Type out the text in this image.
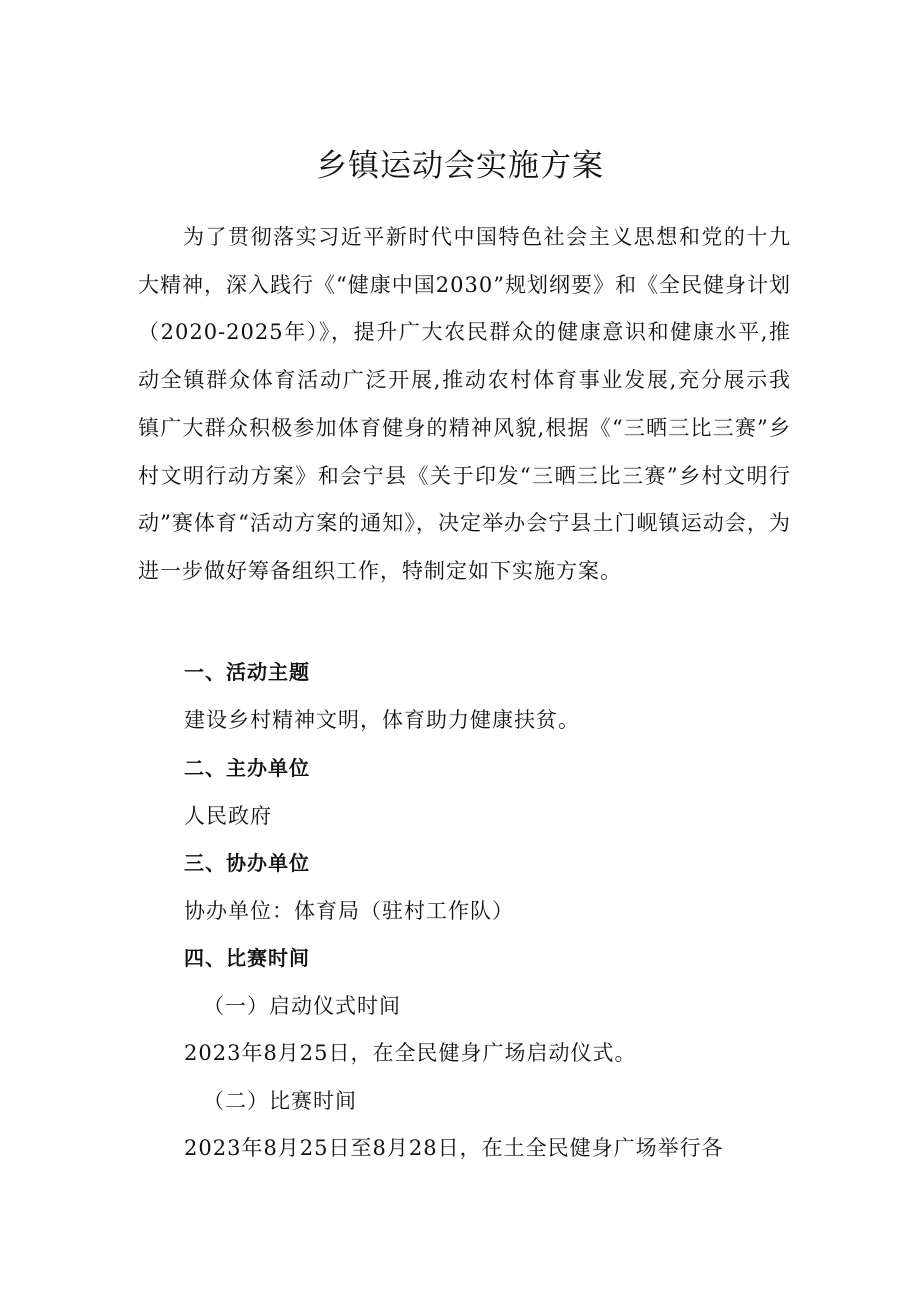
乡镇运动会实施方案

为了贯彻落实习近平新时代中国特色社会主义思想和党的十九大精神，深入践行《“健康中国2030”规划纲要》和《全民健身计划（2020-2025年）》，提升广大农民群众的健康意识和健康水平,推动全镇群众体育活动广泛开展,推动农村体育事业发展,充分展示我镇广大群众积极参加体育健身的精神风貌,根据《“三晒三比三赛”乡村文明行动方案》和会宁县《关于印发“三晒三比三赛”乡村文明行动”赛体育“活动方案的通知》，决定举办会宁县土门岘镇运动会，为进一步做好筹备组织工作，特制定如下实施方案。

一、活动主题

建设乡村精神文明，体育助力健康扶贫。

二、主办单位

人民政府

三、协办单位

协办单位：体育局（驻村工作队）

四、比赛时间

（一）启动仪式时间

2023年8月25日，在全民健身广场启动仪式。

（二）比赛时间

2023年8月25日至8月28日，在土全民健身广场举行各
